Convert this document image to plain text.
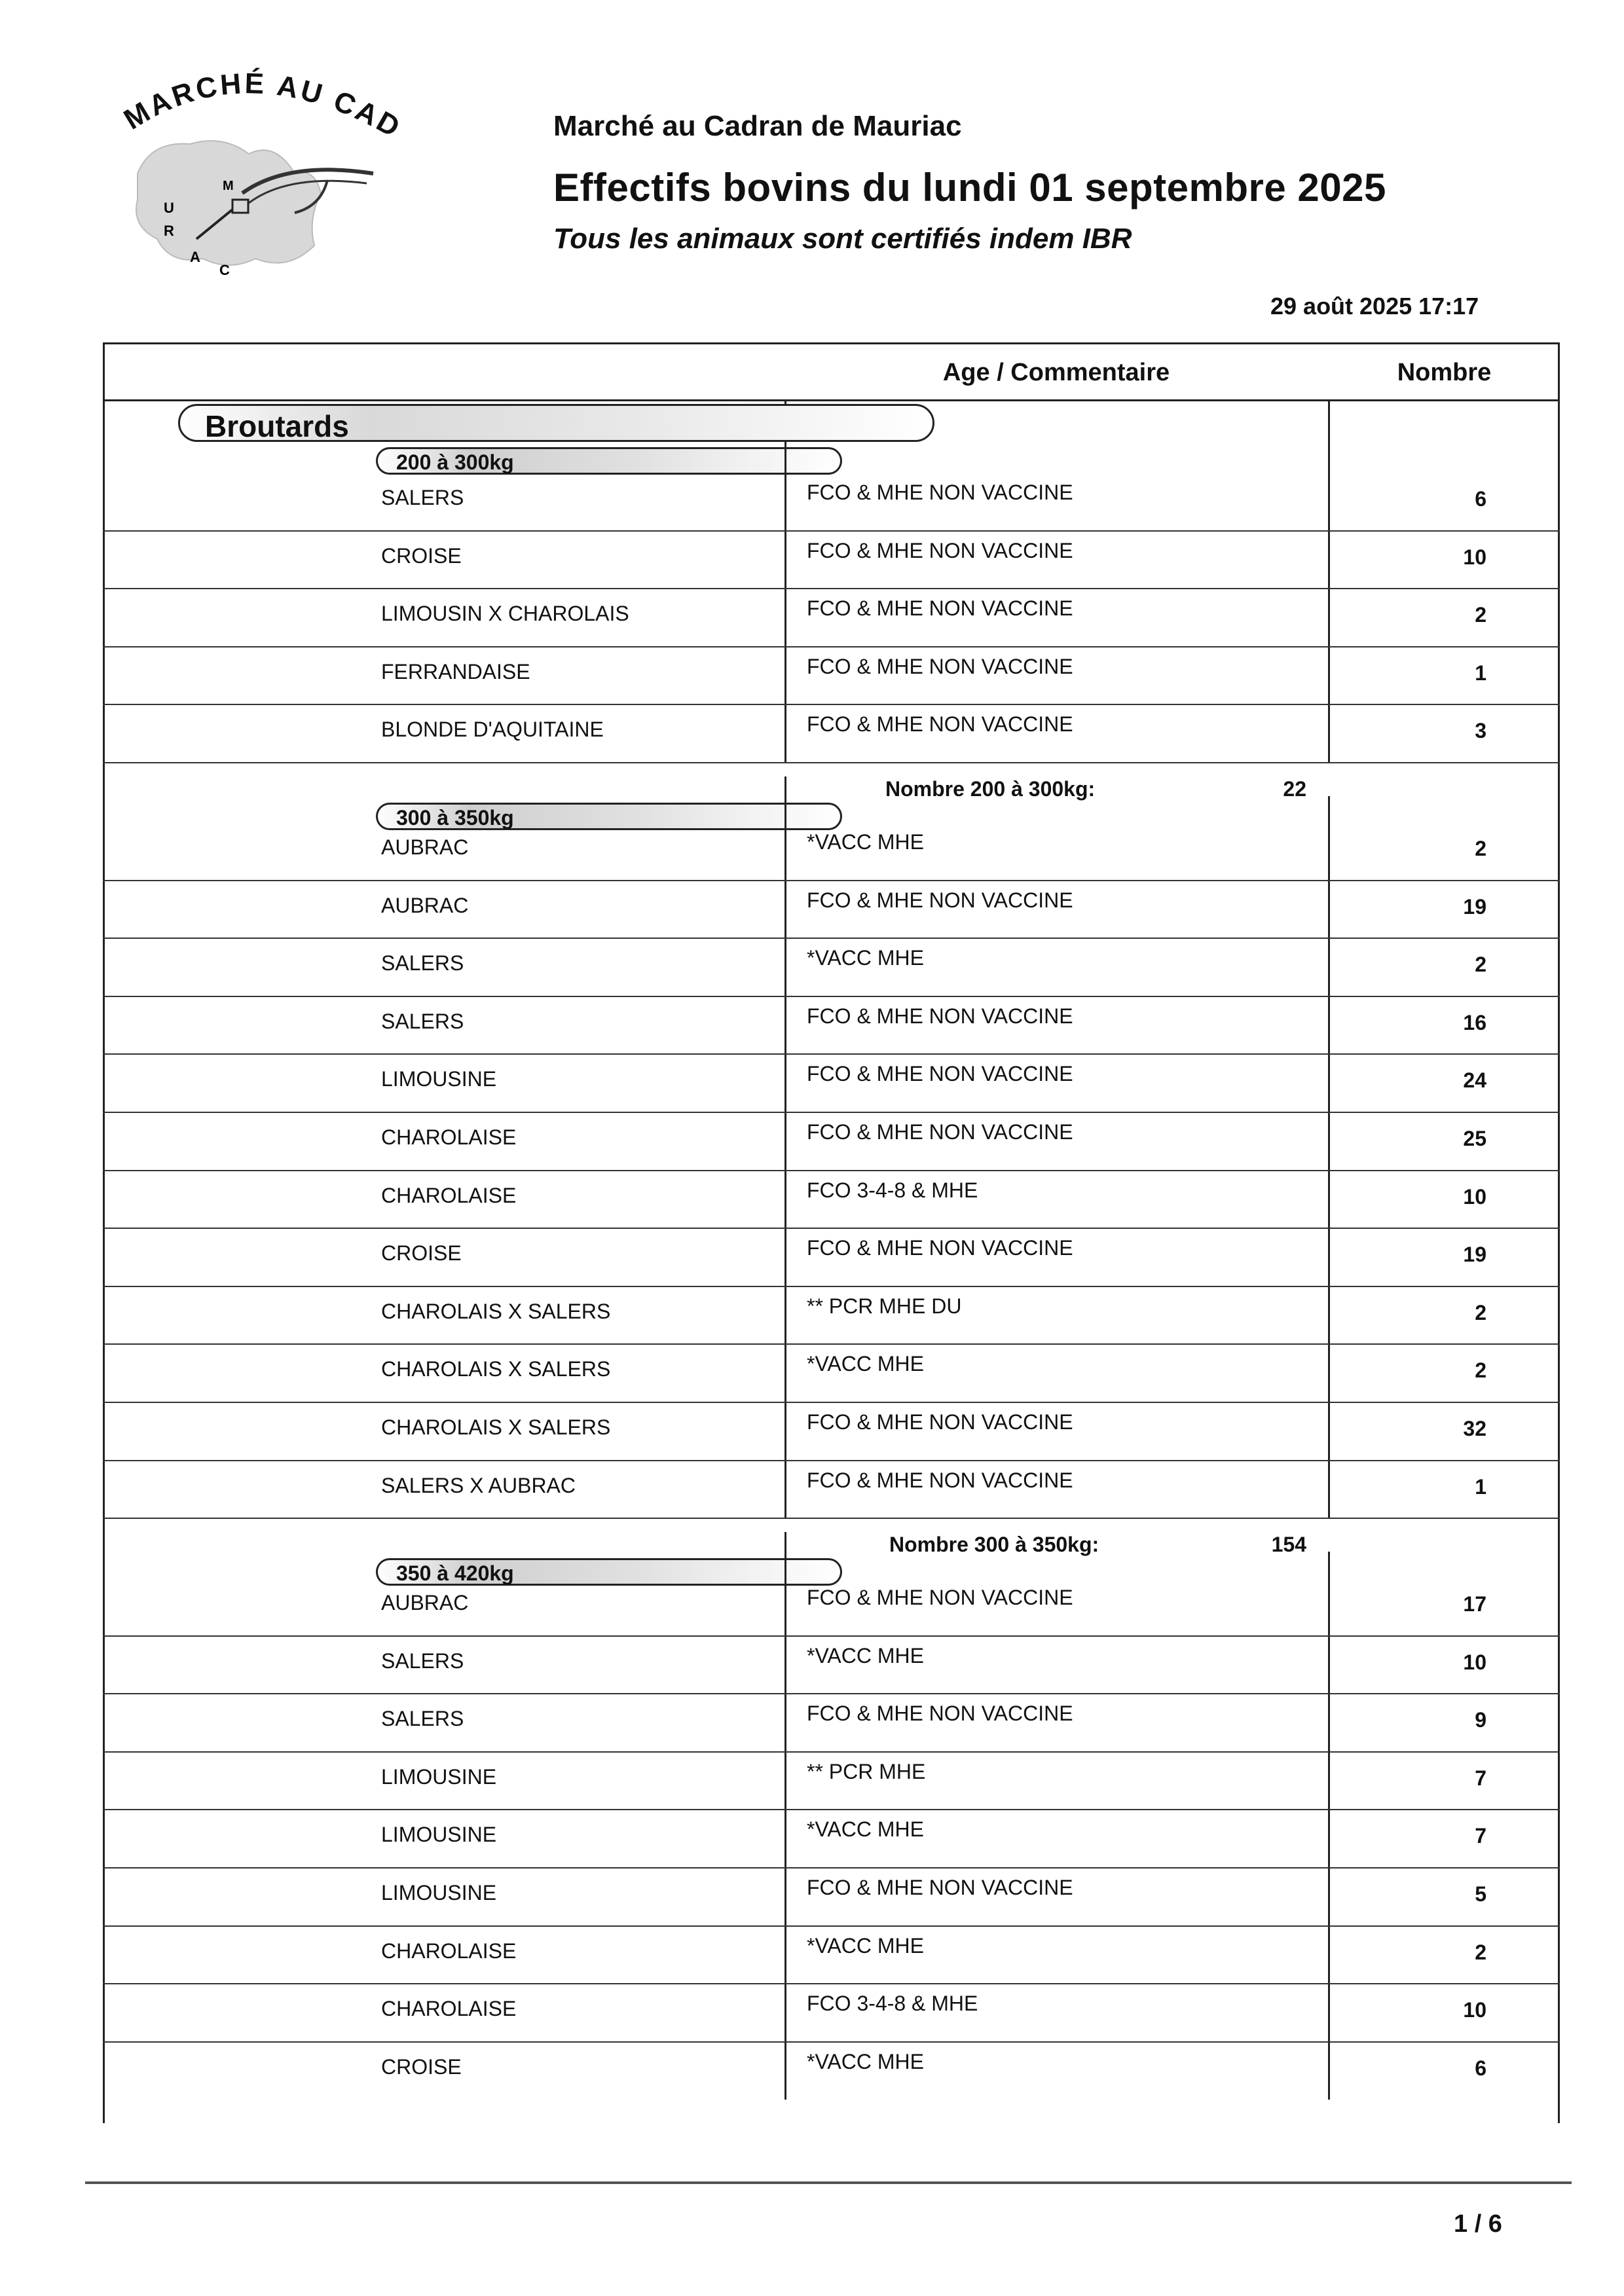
MARCHÉ AU CAD
U
R
A
C
M
Marché au Cadran de Mauriac
Effectifs bovins du lundi 01 septembre 2025
Tous les animaux sont certifiés indem IBR
29 août 2025 17:17
Age / Commentaire	Nombre
200 à 300kg
SALERS	FCO & MHE NON VACCINE	6
CROISE	FCO & MHE NON VACCINE	10
LIMOUSIN X CHAROLAIS	FCO & MHE NON VACCINE	2
FERRANDAISE	FCO & MHE NON VACCINE	1
BLONDE D'AQUITAINE	FCO & MHE NON VACCINE	3
Nombre 200 à 300kg:	22
300 à 350kg
AUBRAC	*VACC MHE	2
AUBRAC	FCO & MHE NON VACCINE	19
SALERS	*VACC MHE	2
SALERS	FCO & MHE NON VACCINE	16
LIMOUSINE	FCO & MHE NON VACCINE	24
CHAROLAISE	FCO & MHE NON VACCINE	25
CHAROLAISE	FCO 3-4-8 & MHE	10
CROISE	FCO & MHE NON VACCINE	19
CHAROLAIS X SALERS	** PCR MHE DU	2
CHAROLAIS X SALERS	*VACC MHE	2
CHAROLAIS X SALERS	FCO & MHE NON VACCINE	32
SALERS X AUBRAC	FCO & MHE NON VACCINE	1
Nombre 300 à 350kg:	154
350 à 420kg
AUBRAC	FCO & MHE NON VACCINE	17
SALERS	*VACC MHE	10
SALERS	FCO & MHE NON VACCINE	9
LIMOUSINE	** PCR MHE	7
LIMOUSINE	*VACC MHE	7
LIMOUSINE	FCO & MHE NON VACCINE	5
CHAROLAISE	*VACC MHE	2
CHAROLAISE	FCO 3-4-8 & MHE	10
CROISE	*VACC MHE	6
Broutards
1 / 6
